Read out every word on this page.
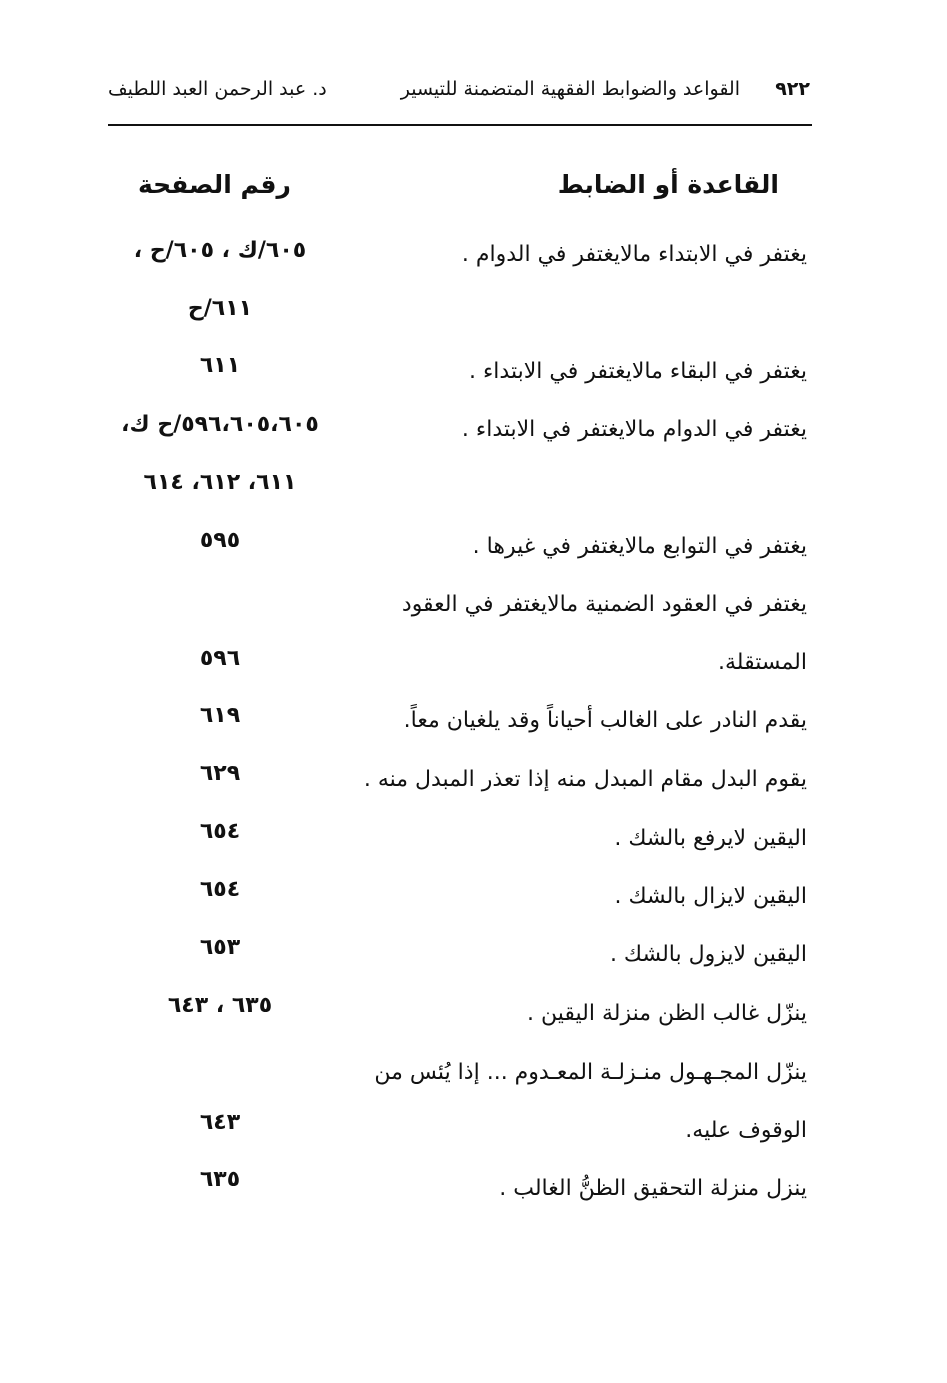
٩٢٢
القواعد والضوابط الفقهية المتضمنة للتيسير
د. عبد الرحمن العبد اللطيف
القاعدة أو الضابط
رقم الصفحة
يغتفر في الابتداء مالايغتفر في الدوام .
٦٠٥/ك ، ٦٠٥/ح ،
٦١١/ح
يغتفر في البقاء مالايغتفر في الابتداء .
٦١١
يغتفر في الدوام مالايغتفر في الابتداء .
٥٩٦،٦٠٥،٦٠٥/ح ك،
٦١١، ٦١٢، ٦١٤
يغتفر في التوابع مالايغتفر في غيرها .
٥٩٥
يغتفر في العقود الضمنية مالايغتفر في العقود
المستقلة.
٥٩٦
يقدم النادر على الغالب أحياناً وقد يلغيان معاً.
٦١٩
يقوم البدل مقام المبدل منه إذا تعذر المبدل منه .
٦٢٩
اليقين لايرفع بالشك .
٦٥٤
اليقين لايزال بالشك .
٦٥٤
اليقين لايزول بالشك .
٦٥٣
ينزّل غالب الظن منزلة اليقين .
٦٣٥ ، ٦٤٣
ينزّل المجـهـول منـزلـة المعـدوم ... إذا يُئس من
الوقوف عليه.
٦٤٣
ينزل منزلة التحقيق الظنُّ الغالب .
٦٣٥
